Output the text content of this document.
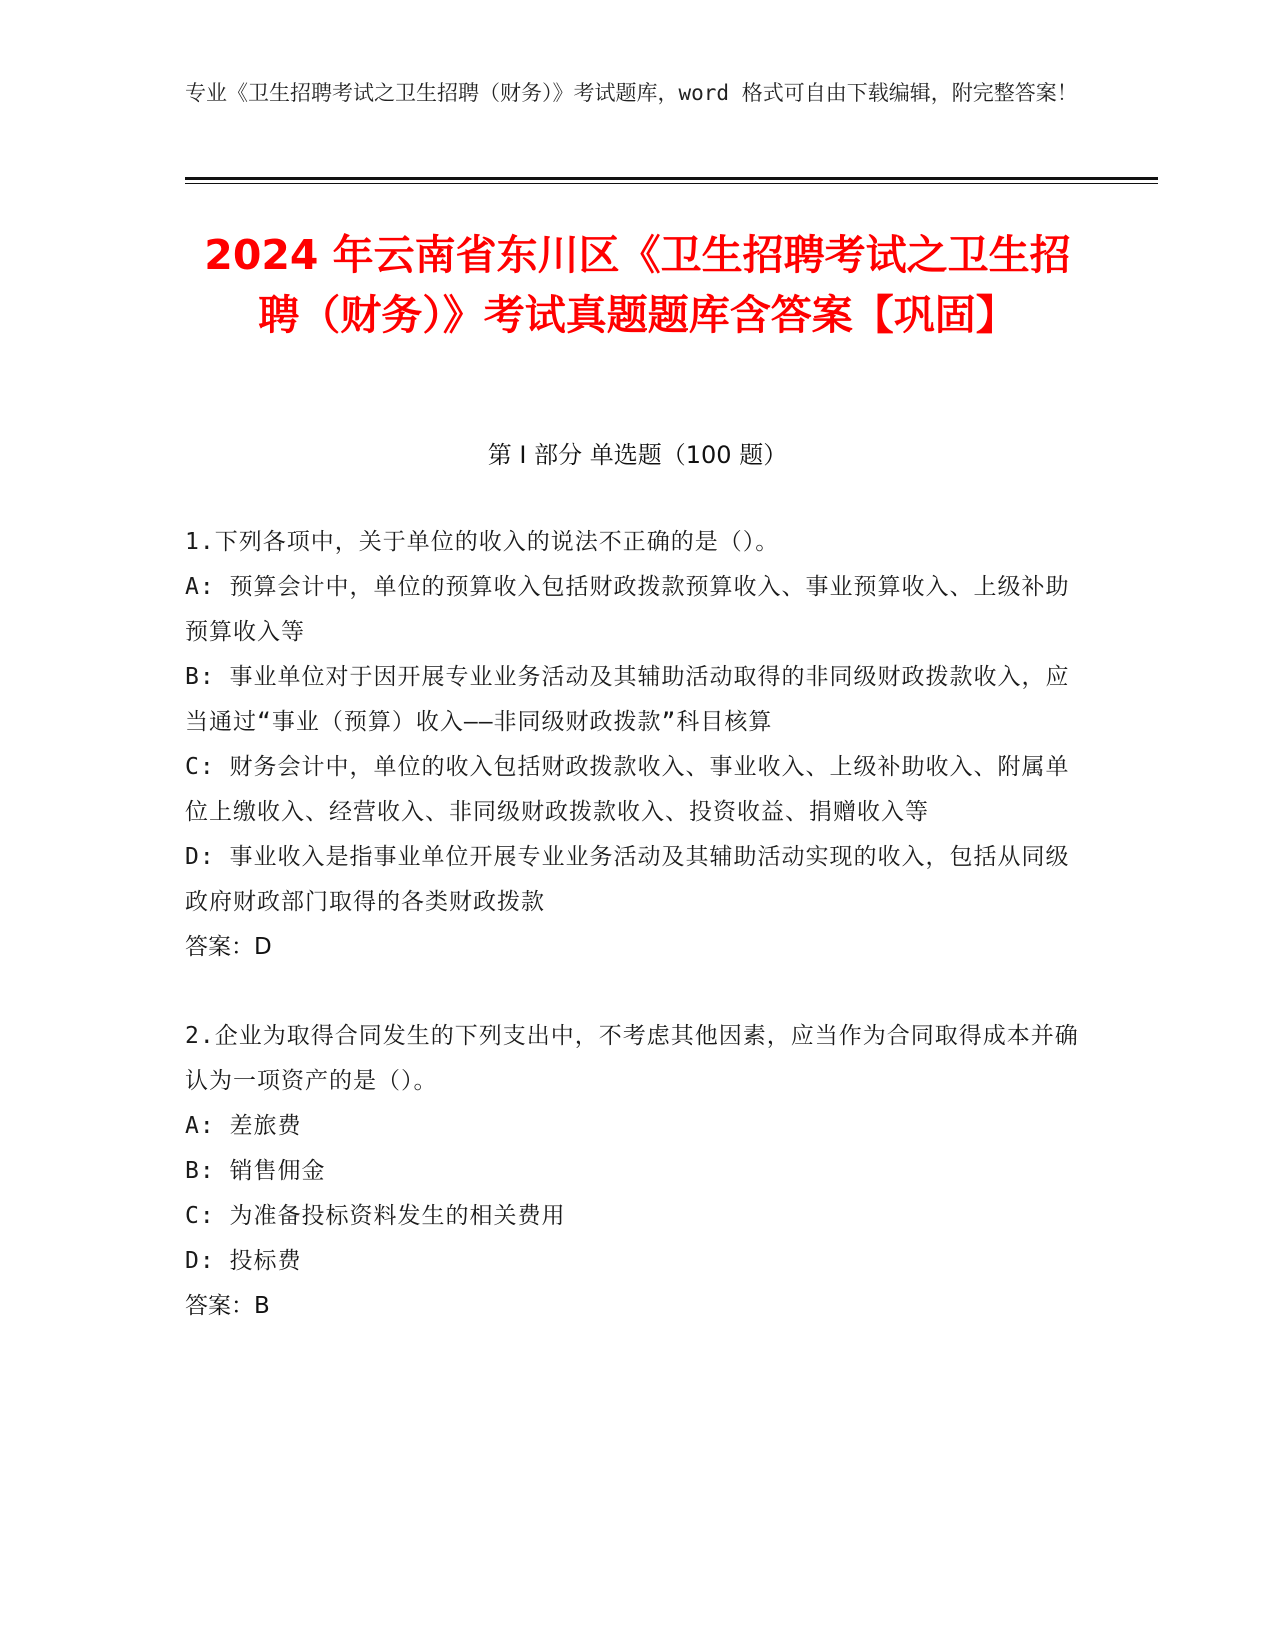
专业《卫生招聘考试之卫生招聘（财务）》考试题库，word 格式可自由下载编辑，附完整答案！
2024 年云南省东川区《卫生招聘考试之卫生招聘（财务）》考试真题题库含答案【巩固】
第 I 部分 单选题（100 题）

1.下列各项中，关于单位的收入的说法不正确的是（）。

A: 预算会计中，单位的预算收入包括财政拨款预算收入、事业预算收入、上级补助预算收入等

B: 事业单位对于因开展专业业务活动及其辅助活动取得的非同级财政拨款收入，应当通过“事业（预算）收入——非同级财政拨款”科目核算

C: 财务会计中，单位的收入包括财政拨款收入、事业收入、上级补助收入、附属单位上缴收入、经营收入、非同级财政拨款收入、投资收益、捐赠收入等

D: 事业收入是指事业单位开展专业业务活动及其辅助活动实现的收入，包括从同级政府财政部门取得的各类财政拨款

答案：D

2.企业为取得合同发生的下列支出中，不考虑其他因素，应当作为合同取得成本并确认为一项资产的是（）。

A: 差旅费

B: 销售佣金

C: 为准备投标资料发生的相关费用

D: 投标费

答案：B
